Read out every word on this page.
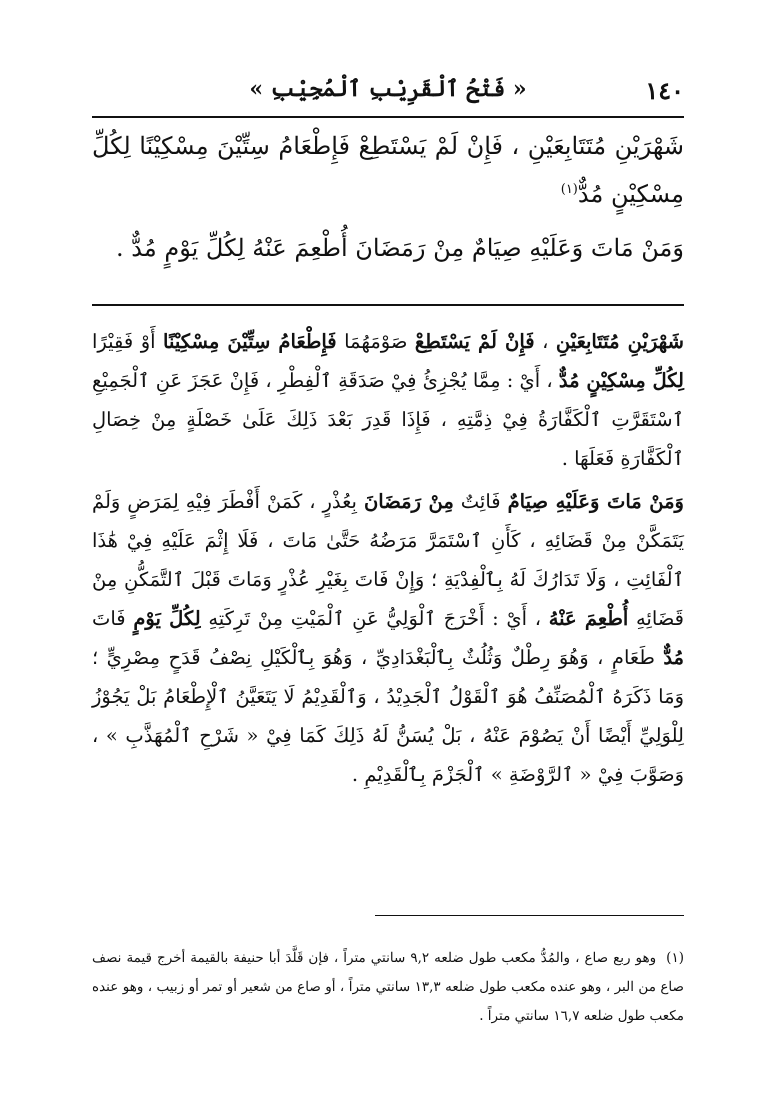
١٤٠
« فَتْحُ ٱلْقَرِيْبِ ٱلْمُجِيْبِ »

شَهْرَيْنِ مُتَتَابِعَيْنِ ، فَإِنْ لَمْ يَسْتَطِعْ فَإِطْعَامُ سِتِّيْنَ مِسْكِيْنًا لِكُلِّ مِسْكِيْنٍ مُدٌّ$^{(١)}$

وَمَنْ مَاتَ وَعَلَيْهِ صِيَامٌ مِنْ رَمَضَانَ أُطْعِمَ عَنْهُ لِكُلِّ يَوْمٍ مُدٌّ .

شَهْرَيْنِ مُتَتَابِعَيْنِ ، فَإِنْ لَمْ يَسْتَطِعْ صَوْمَهُمَا فَإِطْعَامُ سِتِّيْنَ مِسْكِيْنًا أَوْ فَقِيْرًا لِكُلِّ مِسْكِيْنٍ مُدٌّ ، أَيْ : مِمَّا يُجْزِئُ فِيْ صَدَقَةِ ٱلْفِطْرِ ، فَإِنْ عَجَزَ عَنِ ٱلْجَمِيْعِ ٱسْتَقَرَّتِ ٱلْكَفَّارَةُ فِيْ ذِمَّتِهِ ، فَإِذَا قَدِرَ بَعْدَ ذَلِكَ عَلَىٰ خَصْلَةٍ مِنْ خِصَالِ ٱلْكَفَّارَةِ فَعَلَهَا .

وَمَنْ مَاتَ وَعَلَيْهِ صِيَامٌ فَائِتٌ مِنْ رَمَضَانَ بِعُذْرٍ ، كَمَنْ أَفْطَرَ فِيْهِ لِمَرَضٍ وَلَمْ يَتَمَكَّنْ مِنْ قَضَائِهِ ، كَأَنِ ٱسْتَمَرَّ مَرَضُهُ حَتَّىٰ مَاتَ ، فَلَا إِثْمَ عَلَيْهِ فِيْ هَٰذَا ٱلْفَائِتِ ، وَلَا تَدَارُكَ لَهُ بِٱلْفِدْيَةِ ؛ وَإِنْ فَاتَ بِغَيْرِ عُذْرٍ وَمَاتَ قَبْلَ ٱلتَّمَكُّنِ مِنْ قَضَائِهِ أُطْعِمَ عَنْهُ ، أَيْ : أَخْرَجَ ٱلْوَلِيُّ عَنِ ٱلْمَيْتِ مِنْ تَرِكَتِهِ لِكُلِّ يَوْمٍ فَاتَ مُدٌّ طَعَامٍ ، وَهُوَ رِطْلٌ وَثُلُثٌ بِٱلْبَغْدَادِيِّ ، وَهُوَ بِٱلْكَيْلِ نِصْفُ قَدَحٍ مِصْرِيٍّ ؛ وَمَا ذَكَرَهُ ٱلْمُصَنِّفُ هُوَ ٱلْقَوْلُ ٱلْجَدِيْدُ ، وَٱلْقَدِيْمُ لَا يَتَعَيَّنُ ٱلْإِطْعَامُ بَلْ يَجُوْزُ لِلْوَلِيِّ أَيْضًا أَنْ يَصُوْمَ عَنْهُ ، بَلْ يُسَنُّ لَهُ ذَلِكَ كَمَا فِيْ « شَرْحِ ٱلْمُهَذَّبِ » ، وَصَوَّبَ فِيْ « ٱلرَّوْضَةِ » ٱلْجَزْمَ بِٱلْقَدِيْمِ .

(١)وهو ربع صاع ، والمُدُّ مكعب طول ضلعه ٩,٢ سانتي متراً ، فإن قَلَّدَ أبا حنيفة بالقيمة أخرج قيمة نصف صاع من البر ، وهو عنده مكعب طول ضلعه ١٣,٣ سانتي متراً ، أو صاع من شعير أو تمر أو زبيب ، وهو عنده مكعب طول ضلعه ١٦,٧ سانتي متراً .
